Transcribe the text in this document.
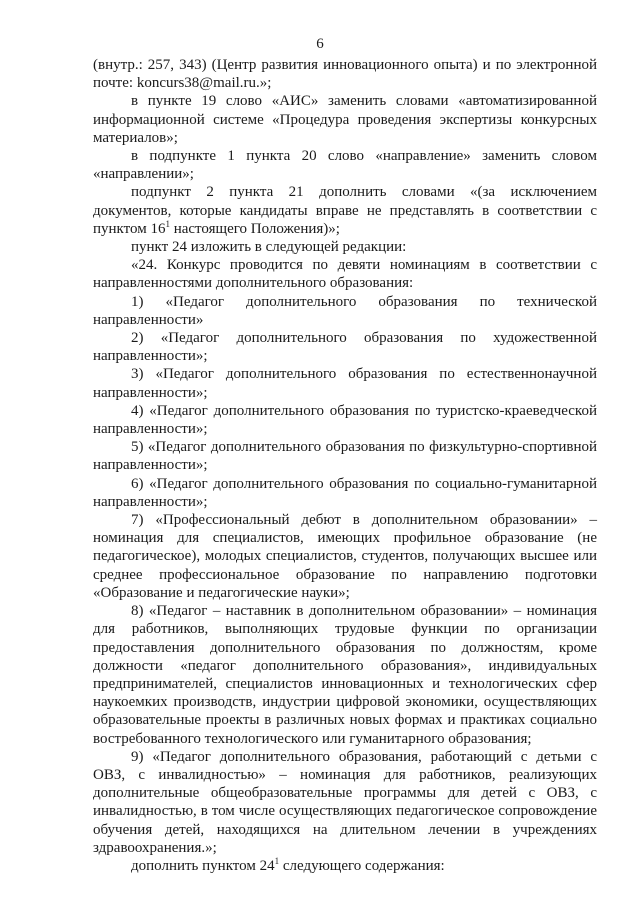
6

(внутр.: 257, 343) (Центр развития инновационного опыта) и по электронной почте: koncurs38@mail.ru.»;

в пункте 19 слово «АИС» заменить словами «автоматизированной информационной системе «Процедура проведения экспертизы конкурсных материалов»;

в подпункте 1 пункта 20 слово «направление» заменить словом «направлении»;

подпункт 2 пункта 21 дополнить словами «(за исключением документов, которые кандидаты вправе не представлять в соответствии с пунктом $16^1$ настоящего Положения)»;

пункт 24 изложить в следующей редакции:

«24. Конкурс проводится по девяти номинациям в соответствии с направленностями дополнительного образования:

1) «Педагог дополнительного образования по технической направленности»

2) «Педагог дополнительного образования по художественной направленности»;

3) «Педагог дополнительного образования по естественнонаучной направленности»;

4) «Педагог дополнительного образования по туристско-краеведческой направленности»;

5) «Педагог дополнительного образования по физкультурно-спортивной направленности»;

6) «Педагог дополнительного образования по социально-гуманитарной направленности»;

7) «Профессиональный дебют в дополнительном образовании» – номинация для специалистов, имеющих профильное образование (не педагогическое), молодых специалистов, студентов, получающих высшее или среднее профессиональное образование по направлению подготовки «Образование и педагогические науки»;

8) «Педагог – наставник в дополнительном образовании» – номинация для работников, выполняющих трудовые функции по организации предоставления дополнительного образования по должностям, кроме должности «педагог дополнительного образования», индивидуальных предпринимателей, специалистов инновационных и технологических сфер наукоемких производств, индустрии цифровой экономики, осуществляющих образовательные проекты в различных новых формах и практиках социально востребованного технологического или гуманитарного образования;

9) «Педагог дополнительного образования, работающий с детьми с ОВЗ, с инвалидностью» – номинация для работников, реализующих дополнительные общеобразовательные программы для детей с ОВЗ, с инвалидностью, в том числе осуществляющих педагогическое сопровождение обучения детей, находящихся на длительном лечении в учреждениях здравоохранения.»;

дополнить пунктом $24^1$ следующего содержания:
